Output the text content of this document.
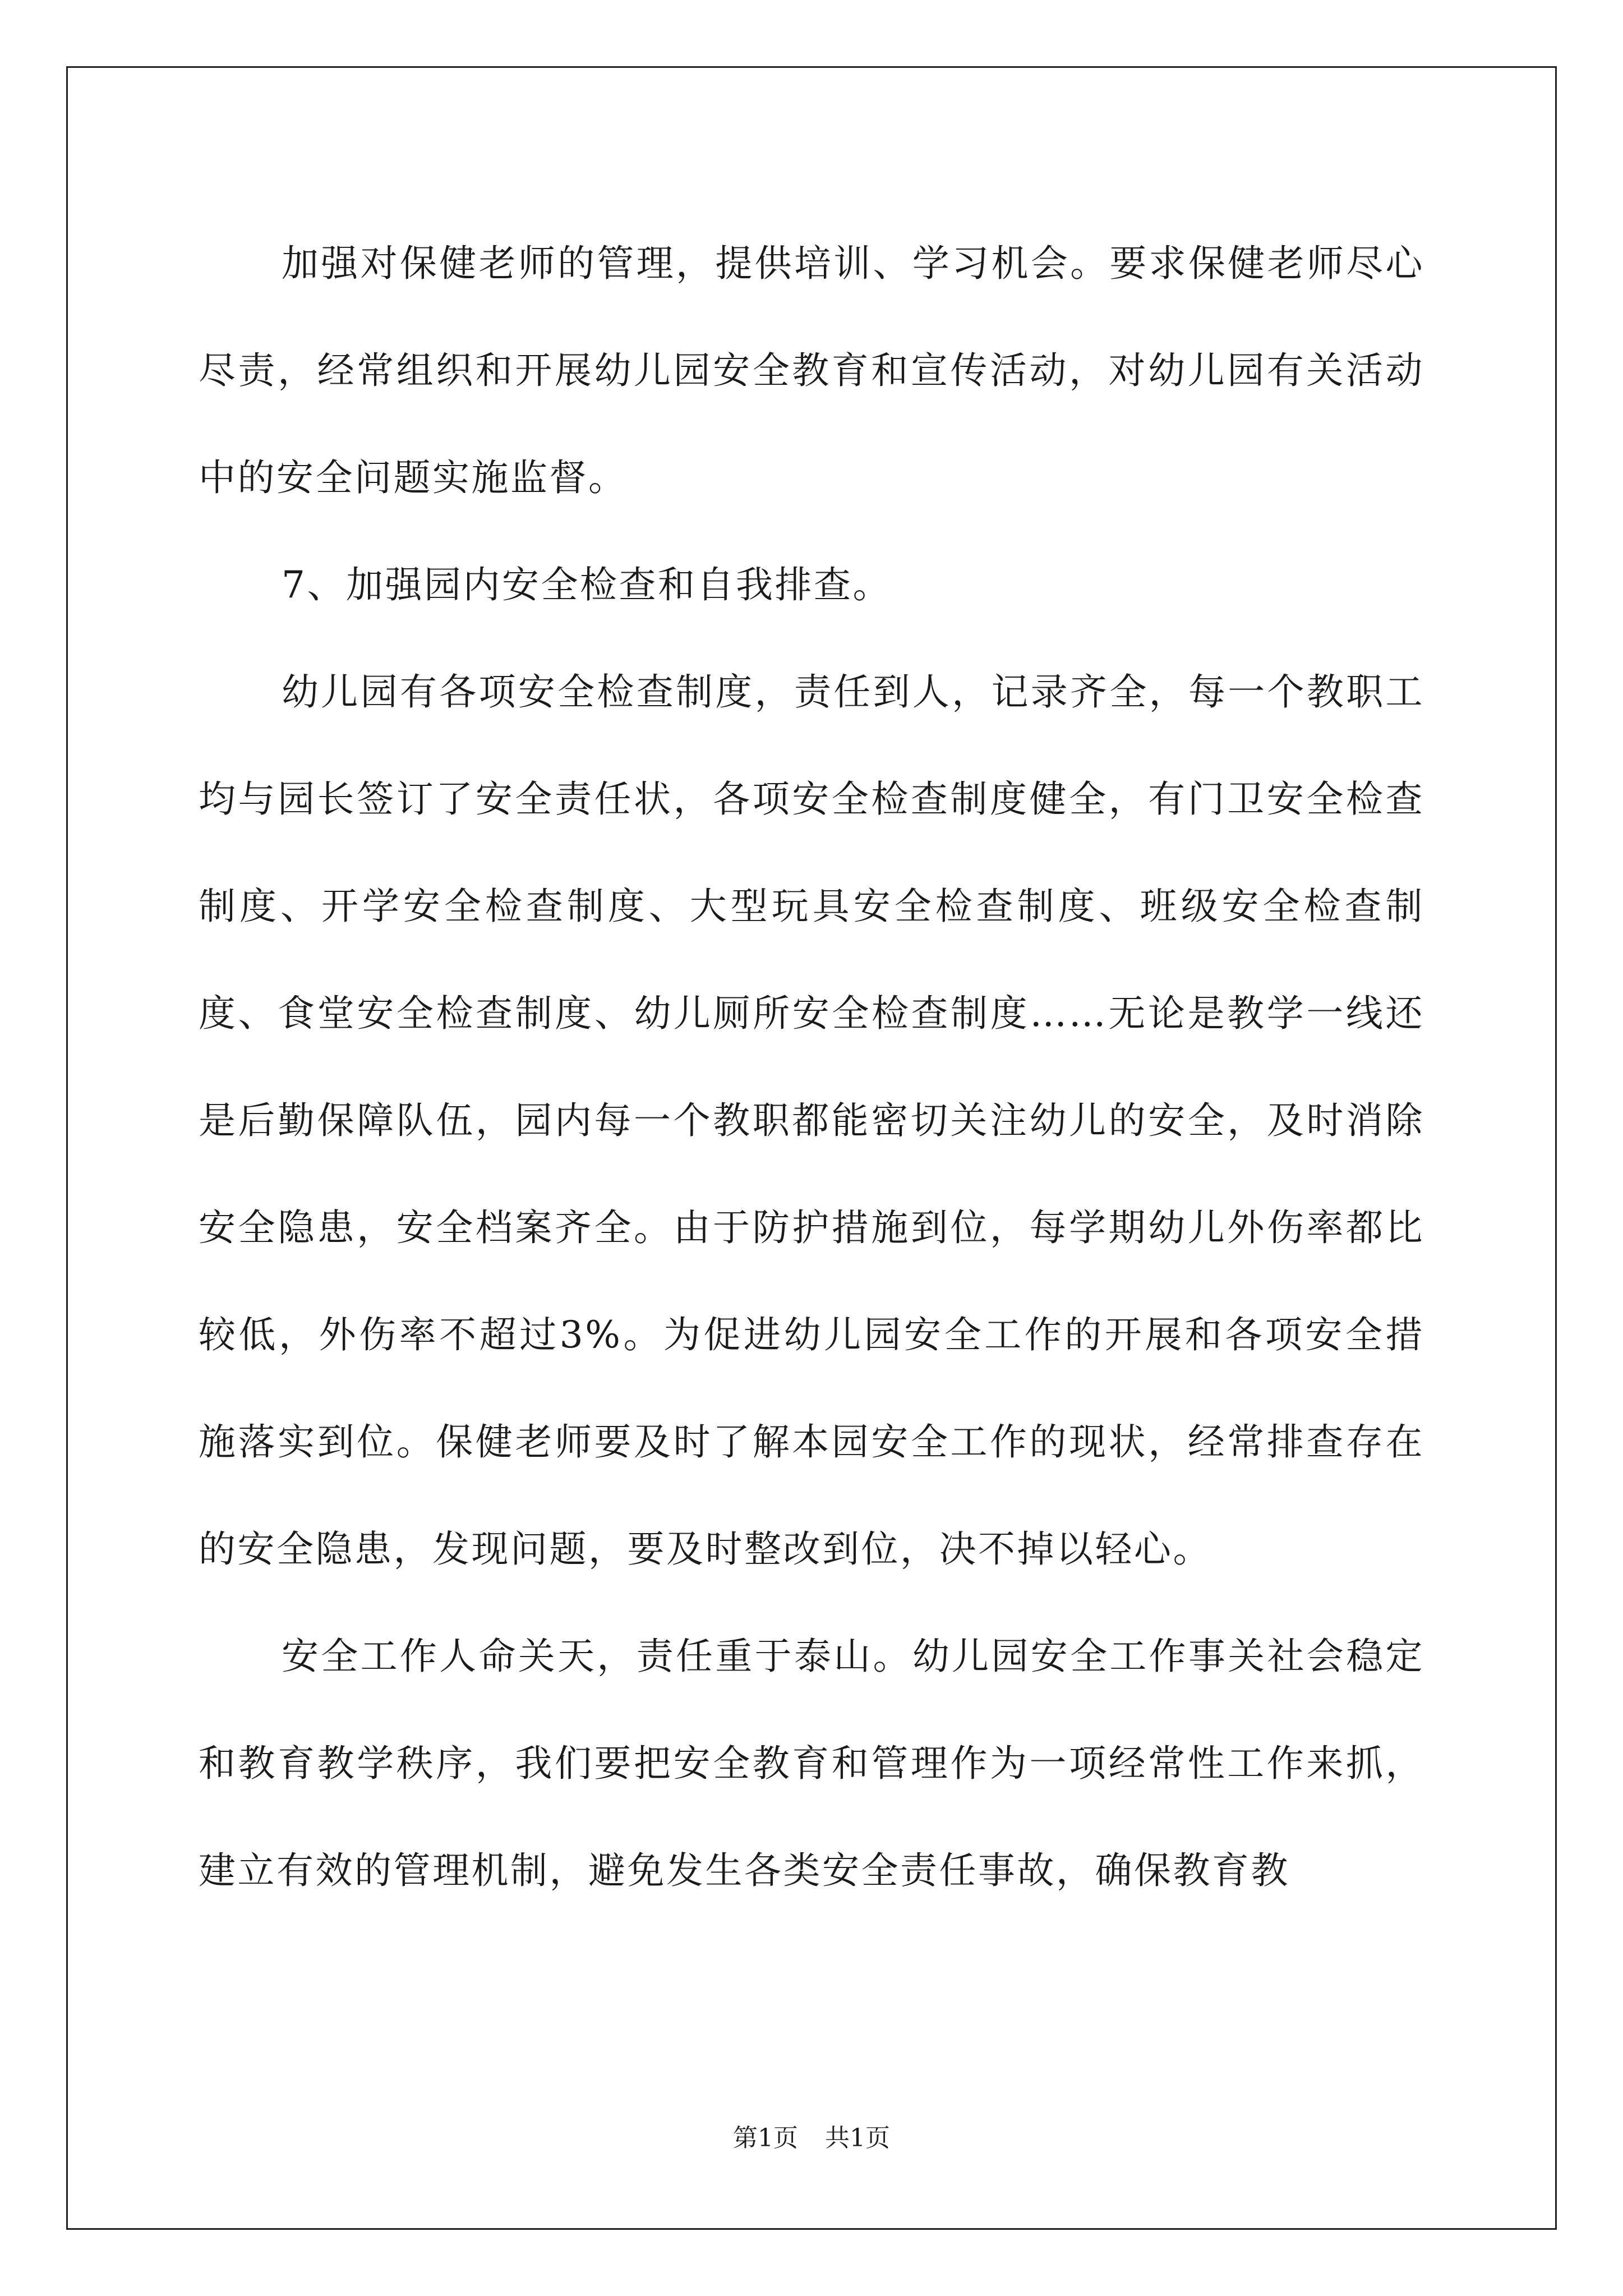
加强对保健老师的管理，提供培训、学习机会。要求保健老师尽心尽责，经常组织和开展幼儿园安全教育和宣传活动，对幼儿园有关活动中的安全问题实施监督。

7、加强园内安全检查和自我排查。

幼儿园有各项安全检查制度，责任到人，记录齐全，每一个教职工均与园长签订了安全责任状，各项安全检查制度健全，有门卫安全检查制度、开学安全检查制度、大型玩具安全检查制度、班级安全检查制度、食堂安全检查制度、幼儿厕所安全检查制度……无论是教学一线还是后勤保障队伍，园内每一个教职都能密切关注幼儿的安全，及时消除安全隐患，安全档案齐全。由于防护措施到位，每学期幼儿外伤率都比较低，外伤率不超过3%。为促进幼儿园安全工作的开展和各项安全措施落实到位。保健老师要及时了解本园安全工作的现状，经常排查存在的安全隐患，发现问题，要及时整改到位，决不掉以轻心。

安全工作人命关天，责任重于泰山。幼儿园安全工作事关社会稳定和教育教学秩序，我们要把安全教育和管理作为一项经常性工作来抓，建立有效的管理机制，避免发生各类安全责任事故，确保教育教

第1页 共1页
